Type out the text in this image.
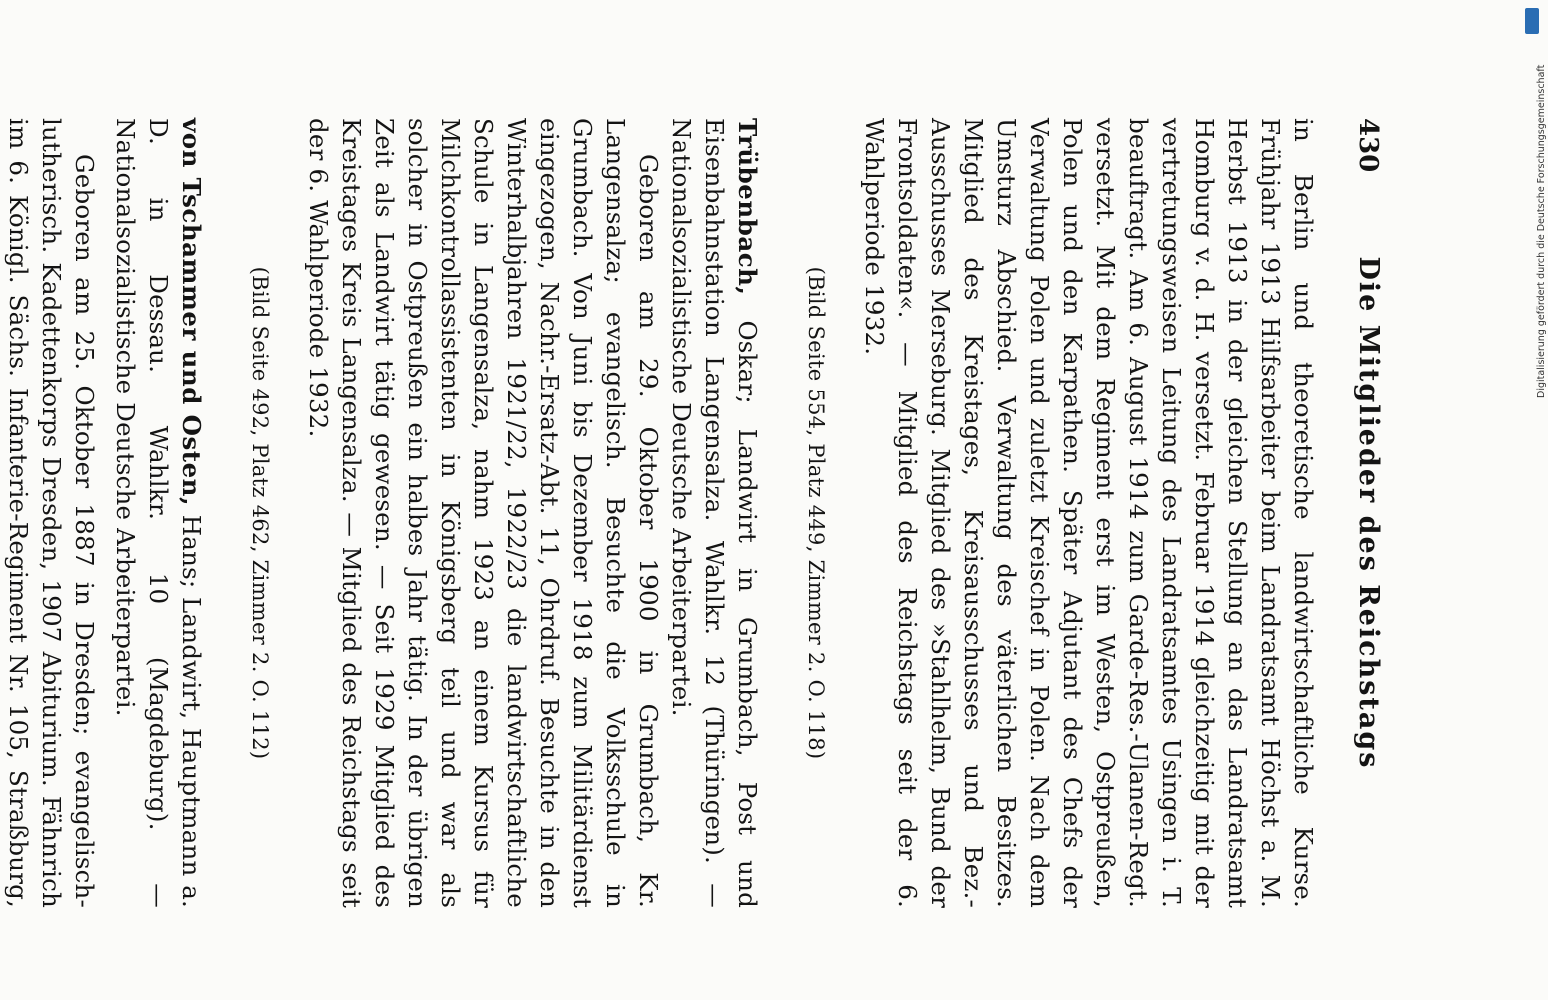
430
Die Mitglieder des Reichstags

in Berlin und theoretische landwirtschaftliche Kurse. Frühjahr 1913 Hilfsarbeiter beim Landratsamt Höchst a. M. Herbst 1913 in der gleichen Stellung an das Landratsamt Homburg v. d. H. versetzt. Februar 1914 gleichzeitig mit der vertretungsweisen Leitung des Landratsamtes Usingen i. T. beauftragt. Am 6. August 1914 zum Garde-Res.-Ulanen-Regt. versetzt. Mit dem Regiment erst im Westen, Ostpreußen, Polen und den Karpathen. Später Adjutant des Chefs der Verwaltung Polen und zuletzt Kreischef in Polen. Nach dem Umsturz Abschied. Verwaltung des väterlichen Besitzes. Mitglied des Kreistages, Kreisausschusses und Bez.-Ausschusses Merseburg. Mitglied des »Stahlhelm, Bund der Frontsoldaten«. — Mitglied des Reichstags seit der 6. Wahlperiode 1932.

(Bild Seite 554, Platz 449, Zimmer 2. O. 118)

Trübenbach, Oskar; Landwirt in Grumbach, Post und Eisenbahnstation Langensalza. Wahlkr. 12 (Thüringen). — Nationalsozialistische Deutsche Arbeiterpartei.

Geboren am 29. Oktober 1900 in Grumbach, Kr. Langensalza; evangelisch. Besuchte die Volksschule in Grumbach. Von Juni bis Dezember 1918 zum Militärdienst eingezogen, Nachr.-Ersatz-Abt. 11, Ohrdruf. Besuchte in den Winterhalbjahren 1921/22, 1922/23 die landwirtschaftliche Schule in Langensalza, nahm 1923 an einem Kursus für Milchkontrollassistenten in Königsberg teil und war als solcher in Ostpreußen ein halbes Jahr tätig. In der übrigen Zeit als Landwirt tätig gewesen. — Seit 1929 Mitglied des Kreistages Kreis Langensalza. — Mitglied des Reichstags seit der 6. Wahlperiode 1932.

(Bild Seite 492, Platz 462, Zimmer 2. O. 112)

von Tschammer und Osten, Hans; Landwirt, Hauptmann a. D. in Dessau. Wahlkr. 10 (Magdeburg). — Nationalsozialistische Deutsche Arbeiterpartei.

Geboren am 25. Oktober 1887 in Dresden; evangelisch-lutherisch. Kadettenkorps Dresden, 1907 Abiturium. Fähnrich im 6. Königl. Sächs. Infanterie-Regiment Nr. 105, Straßburg,

Digitalisierung gefördert durch die Deutsche Forschungsgemeinschaft
